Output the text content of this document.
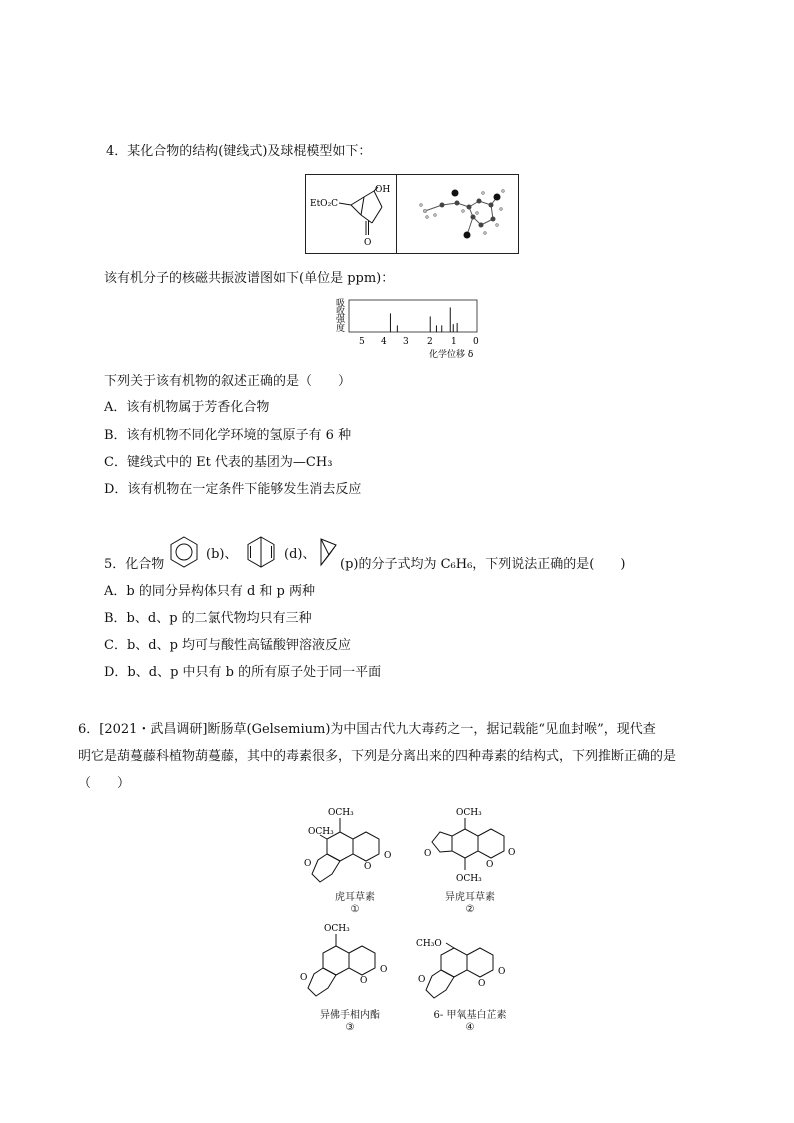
4．某化合物的结构(键线式)及球棍模型如下：
EtO₂C
OH
O
该有机分子的核磁共振波谱图如下(单位是 ppm)：
吸
收
强
度
5 4 3 2 1 0
化学位移 δ
下列关于该有机物的叙述正确的是（　　）
A．该有机物属于芳香化合物
B．该有机物不同化学环境的氢原子有 6 种
C．键线式中的 Et 代表的基团为—CH₃
D．该有机物在一定条件下能够发生消去反应
5．化合物
(b)、	(d)、
(p)的分子式均为 C₆H₆，下列说法正确的是(　　)
A．b 的同分异构体只有 d 和 p 两种
B．b、d、p 的二氯代物均只有三种
C．b、d、p 均可与酸性高锰酸钾溶液反应
D．b、d、p 中只有 b 的所有原子处于同一平面
6．[2021・武昌调研]断肠草(Gelsemium)为中国古代九大毒药之一，据记载能“见血封喉”，现代查
明它是葫蔓藤科植物葫蔓藤，其中的毒素很多，下列是分离出来的四种毒素的结构式，下列推断正确的是
（　　）
OCH₃
OCH₃
O	O
O
虎耳草素
①
OCH₃
OCH₃
O
O
O
异虎耳草素
②
OCH₃
O	O
O
异佛手相内酯
③
CH₃O
O	O
O
6- 甲氧基白芷素
④
